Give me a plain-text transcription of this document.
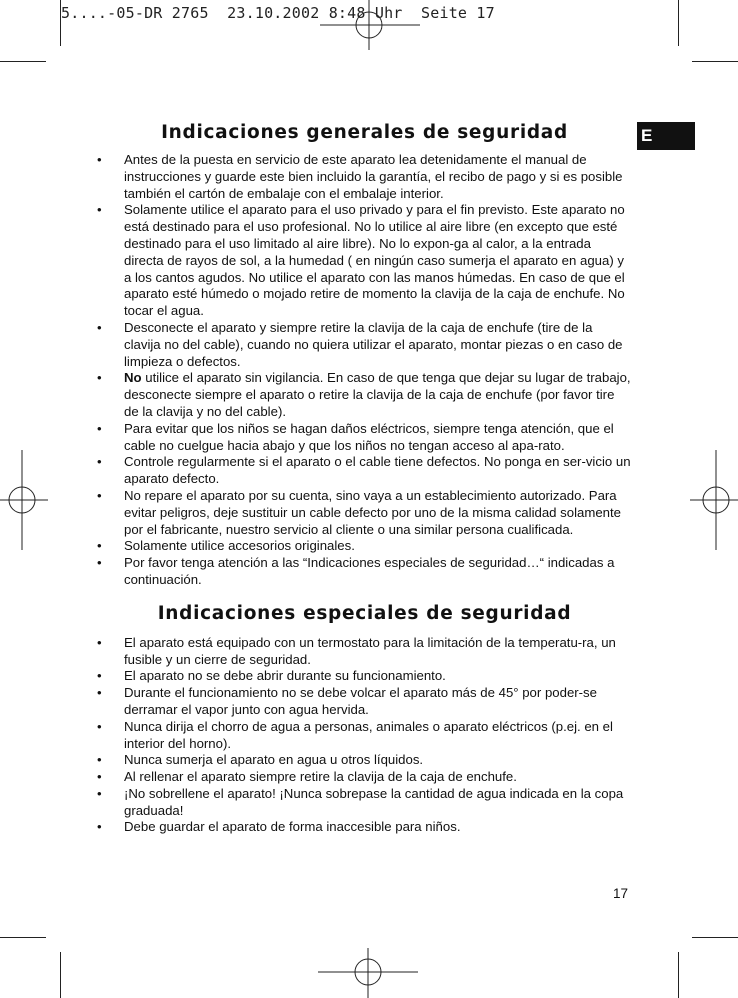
5....-05-DR 2765  23.10.2002 8:48 Uhr  Seite 17
E
Indicaciones generales de seguridad
•	Antes de la puesta en servicio de este aparato lea detenidamente el manual de instrucciones y guarde este bien incluido la garantía, el recibo de pago y si es posible también el cartón de embalaje con el embalaje interior.
•	Solamente utilice el aparato para el uso privado y para el fin previsto. Este aparato no está destinado para el uso profesional. No lo utilice al aire libre (en excepto que esté destinado para el uso limitado al aire libre). No lo expon-ga al calor, a la entrada directa de rayos de sol, a la humedad ( en ningún caso sumerja el aparato en agua) y a los cantos agudos. No utilice el aparato con las manos húmedas. En caso de que el aparato esté húmedo o mojado retire de momento la clavija de la caja de enchufe. No tocar el agua.
•	Desconecte el aparato y siempre retire la clavija de la caja de enchufe (tire de la clavija no del cable), cuando no quiera utilizar el aparato, montar piezas o en caso de limpieza o defectos.
•	No utilice el aparato sin vigilancia. En caso de que tenga que dejar su lugar de trabajo, desconecte siempre el aparato o retire la clavija de la caja de enchufe (por favor tire de la clavija y no del cable).
•	Para evitar que los niños se hagan daños eléctricos, siempre tenga atención, que el cable no cuelgue hacia abajo y que los niños no tengan acceso al apa-rato.
•	Controle regularmente si el aparato o el cable tiene defectos. No ponga en ser-vicio un aparato defecto.
•	No repare el aparato por su cuenta, sino vaya a un establecimiento autorizado. Para evitar peligros, deje sustituir un cable defecto por uno de la misma calidad solamente por el fabricante, nuestro servicio al cliente o una similar persona cualificada.
•	Solamente utilice accesorios originales.
•	Por favor tenga atención a las “Indicaciones especiales de seguridad…“ indicadas a continuación.
Indicaciones especiales de seguridad
•	El aparato está equipado con un termostato para la limitación de la temperatu-ra, un fusible y un cierre de seguridad.
•	El aparato no se debe abrir durante su funcionamiento.
•	Durante el funcionamiento no se debe volcar el aparato más de 45° por poder-se derramar el vapor junto con agua hervida.
•	Nunca dirija el chorro de agua a personas, animales o aparato eléctricos (p.ej. en el interior del horno).
•	Nunca sumerja el aparato en agua u otros líquidos.
•	Al rellenar el aparato siempre retire la clavija de la caja de enchufe.
•	¡No sobrellene el aparato! ¡Nunca sobrepase la cantidad de agua indicada en la copa graduada!
•	Debe guardar el aparato de forma inaccesible para niños.
17
